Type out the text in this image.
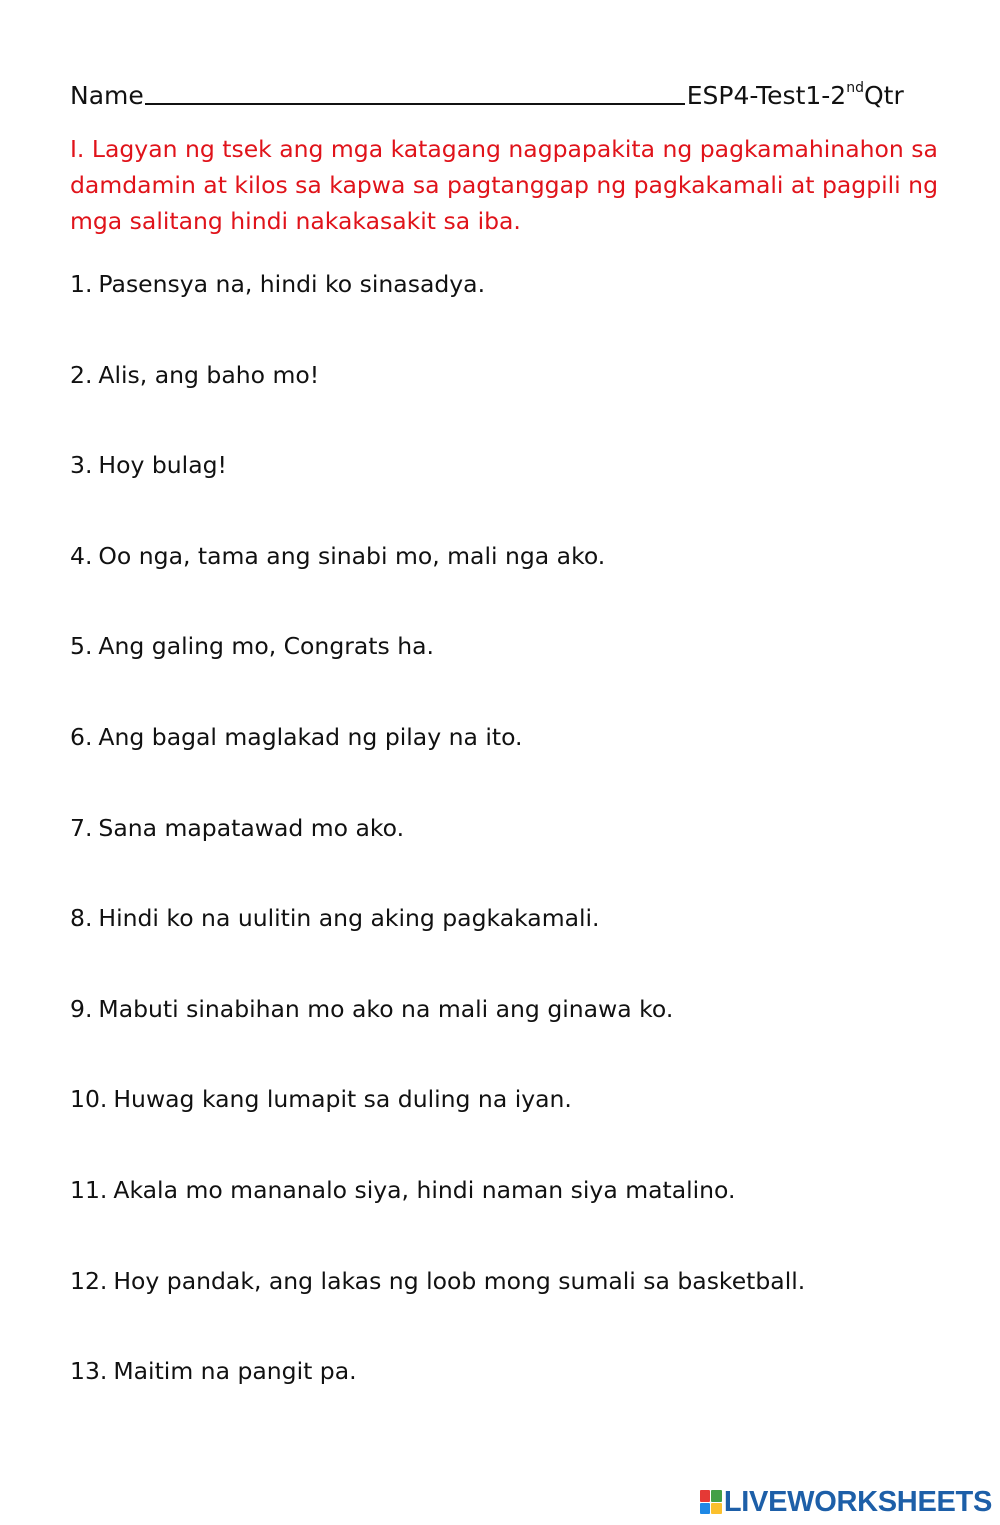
Name	ESP4-Test1-2ndQtr
I. Lagyan ng tsek ang mga katagang nagpapakita ng pagkamahinahon sa damdamin at kilos sa kapwa sa pagtanggap ng pagkakamali at pagpili ng mga salitang hindi nakakasakit sa iba.
1. Pasensya na, hindi ko sinasadya.
2. Alis, ang baho mo!
3. Hoy bulag!
4. Oo nga, tama ang sinabi mo, mali nga ako.
5. Ang galing mo, Congrats ha.
6. Ang bagal maglakad ng pilay na ito.
7. Sana mapatawad mo ako.
8. Hindi ko na uulitin ang aking pagkakamali.
9. Mabuti sinabihan mo ako na mali ang ginawa ko.
10. Huwag kang lumapit sa duling na iyan.
11. Akala mo mananalo siya, hindi naman siya matalino.
12. Hoy pandak, ang lakas ng loob mong sumali sa basketball.
13. Maitim na pangit pa.
LIVEWORKSHEETS
